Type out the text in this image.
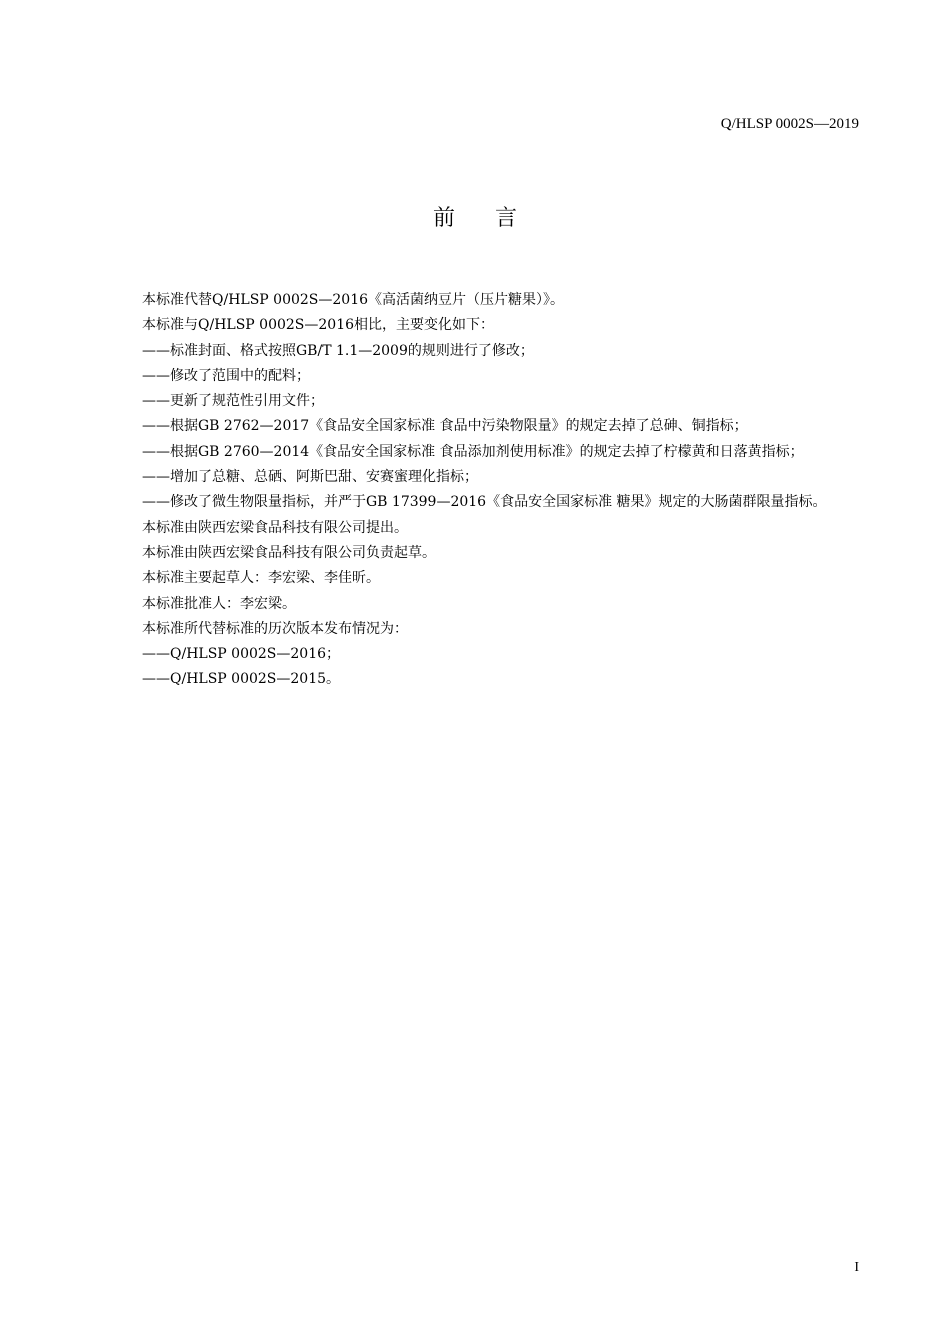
Q/HLSP 0002S—2019
前言

本标准代替Q/HLSP 0002S—2016《高活菌纳豆片（压片糖果）》。

本标准与Q/HLSP 0002S—2016相比，主要变化如下：

——标准封面、格式按照GB/T 1.1—2009的规则进行了修改；

——修改了范围中的配料；

——更新了规范性引用文件；

——根据GB 2762—2017《食品安全国家标准 食品中污染物限量》的规定去掉了总砷、铜指标；

——根据GB 2760—2014《食品安全国家标准 食品添加剂使用标准》的规定去掉了柠檬黄和日落黄指标；

——增加了总糖、总硒、阿斯巴甜、安赛蜜理化指标；

——修改了微生物限量指标，并严于GB 17399—2016《食品安全国家标准 糖果》规定的大肠菌群限量指标。

本标准由陕西宏梁食品科技有限公司提出。

本标准由陕西宏梁食品科技有限公司负责起草。

本标准主要起草人：李宏梁、李佳昕。

本标准批准人：李宏梁。

本标准所代替标准的历次版本发布情况为：

——Q/HLSP 0002S—2016；

——Q/HLSP 0002S—2015。

I
